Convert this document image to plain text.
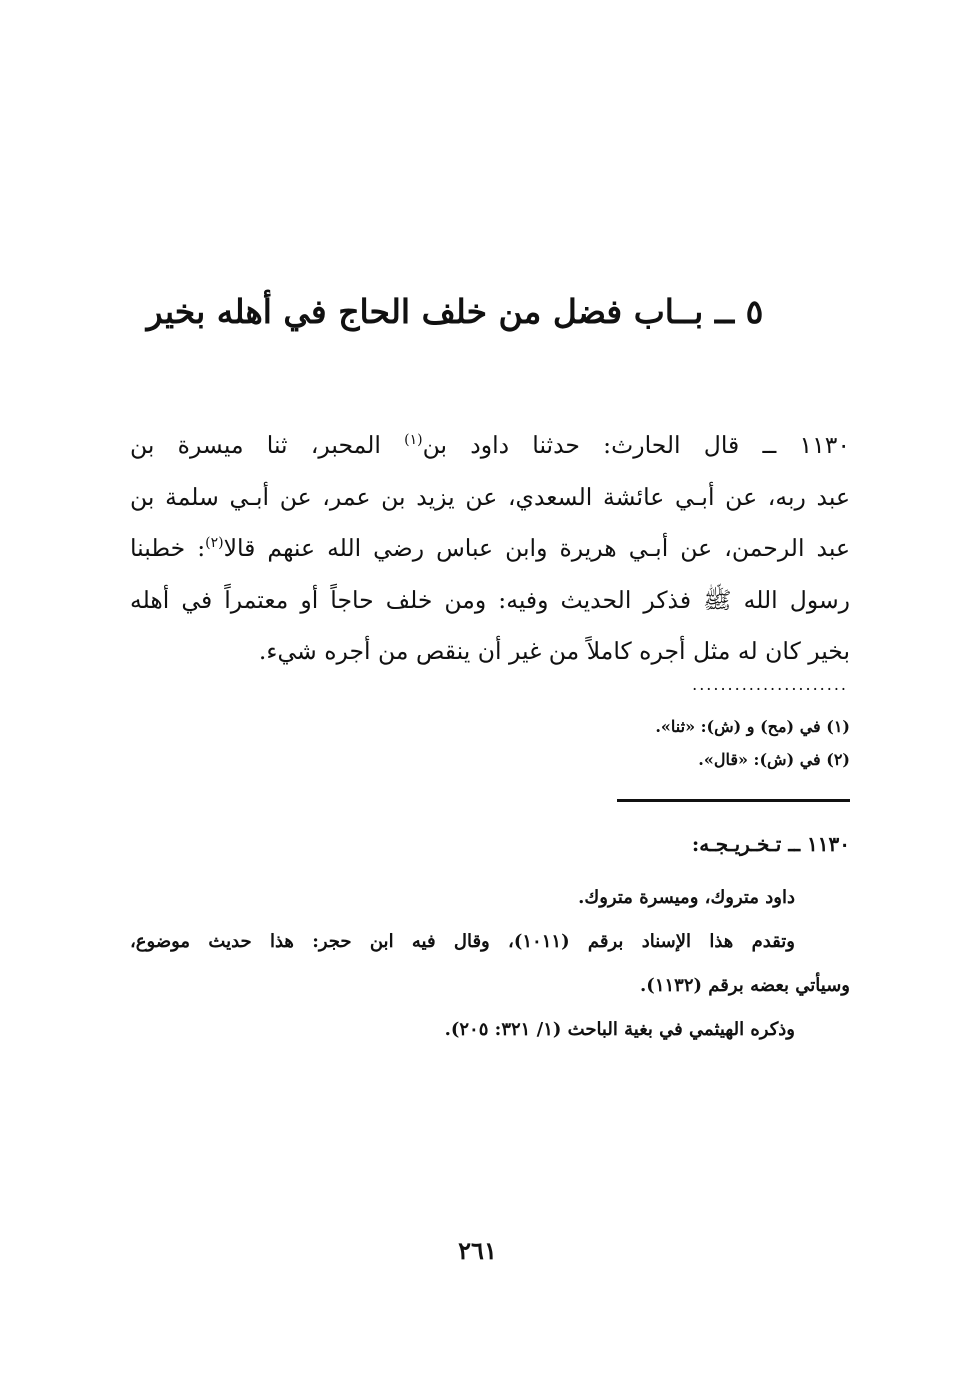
٥ ــ بــاب فضل من خلف الحاج في أهله بخير
١١٣٠ ــ قال الحارث: حدثنا داود بن$^{(١)}$ المحبر، ثنا ميسرة بن
عبد ربه، عن أبـي عائشة السعدي، عن يزيد بن عمر، عن أبـي سلمة بن
عبد الرحمن، عن أبـي هريرة وابن عباس رضي الله عنهم قالا$^{(٢)}$: خطبنا
رسول الله ﷺ فذكر الحديث وفيه: ومن خلف حاجاً أو معتمراً في أهله
بخير كان له مثل أجره كاملاً من غير أن ينقص من أجره شيء.
......................
(١) في (مح) و (ش): «ثنا».
(٢) في (ش): «قال».
١١٣٠ ــ تـخـريـجـه:
داود متروك، وميسرة متروك.
وتقدم هذا الإسناد برقم (١٠١١)، وقال فيه ابن حجر: هذا حديث موضوع،
وسيأتي بعضه برقم (١١٣٢).
وذكره الهيثمي في بغية الباحث (١/ ٣٢١: ٢٠٥).
٢٦١
